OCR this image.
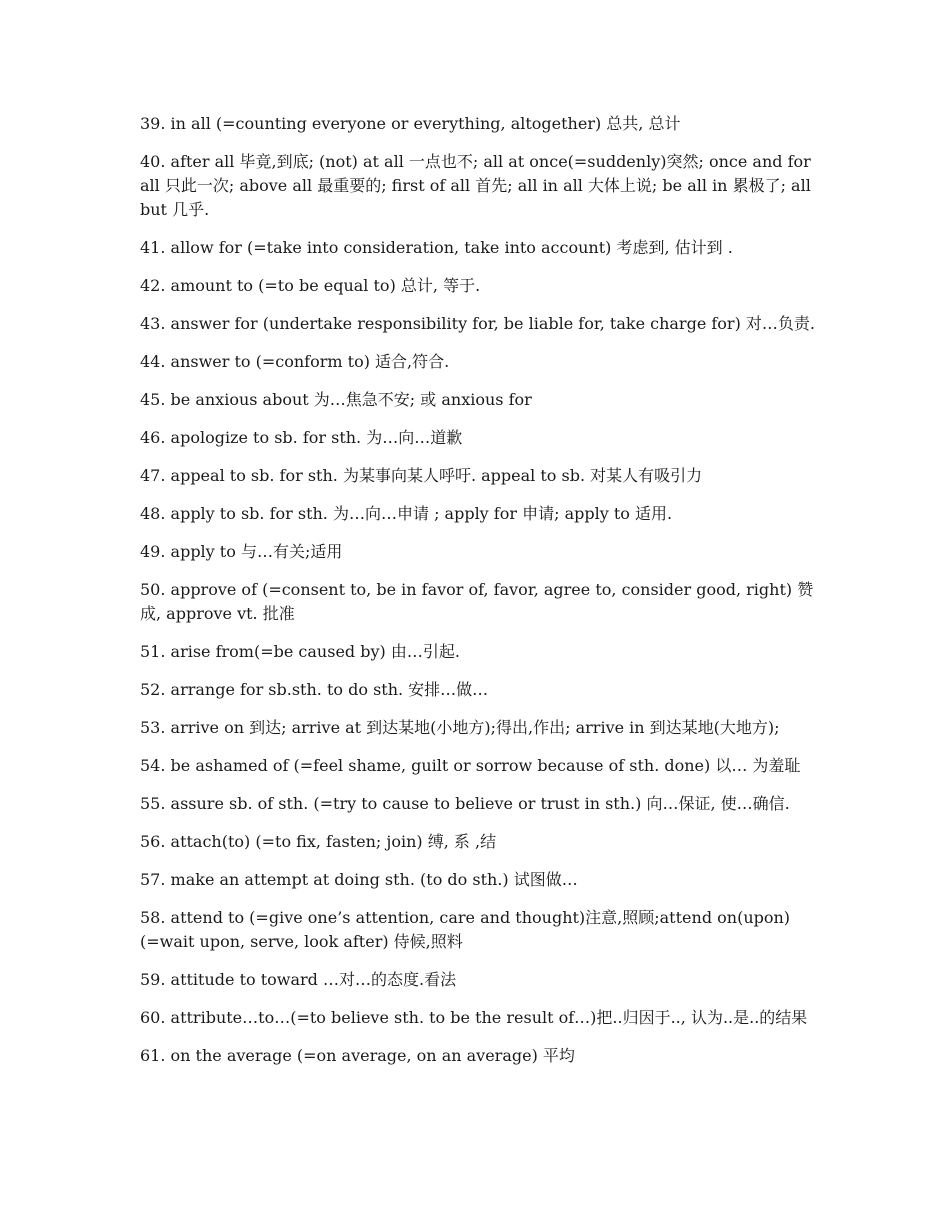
39. in all (=counting everyone or everything, altogether) 总共, 总计

40. after all 毕竟,到底; (not) at all 一点也不; all at once(=suddenly)突然; once and for all 只此一次; above all 最重要的; first of all 首先; all in all 大体上说; be all in 累极了; all but 几乎.

41. allow for (=take into consideration, take into account) 考虑到, 估计到 .

42. amount to (=to be equal to) 总计, 等于.

43. answer for (undertake responsibility for, be liable for, take charge for) 对…负责.

44. answer to (=conform to) 适合,符合.

45. be anxious about 为…焦急不安; 或 anxious for

46. apologize to sb. for sth. 为…向…道歉

47. appeal to sb. for sth. 为某事向某人呼吁. appeal to sb. 对某人有吸引力

48. apply to sb. for sth. 为…向…申请 ; apply for 申请; apply to 适用.

49. apply to 与…有关;适用

50. approve of (=consent to, be in favor of, favor, agree to, consider good, right) 赞成, approve vt. 批准

51. arise from(=be caused by) 由…引起.

52. arrange for sb.sth. to do sth. 安排…做…

53. arrive on 到达; arrive at 到达某地(小地方);得出,作出; arrive in 到达某地(大地方);

54. be ashamed of (=feel shame, guilt or sorrow because of sth. done) 以… 为羞耻

55. assure sb. of sth. (=try to cause to believe or trust in sth.) 向…保证, 使…确信.

56. attach(to) (=to fix, fasten; join) 缚, 系 ,结

57. make an attempt at doing sth. (to do sth.) 试图做…

58. attend to (=give one’s attention, care and thought)注意,照顾;attend on(upon)(=wait upon, serve, look after) 侍候,照料

59. attitude to toward …对…的态度.看法

60. attribute…to…(=to believe sth. to be the result of…)把..归因于.., 认为..是..的结果

61. on the average (=on average, on an average) 平均
